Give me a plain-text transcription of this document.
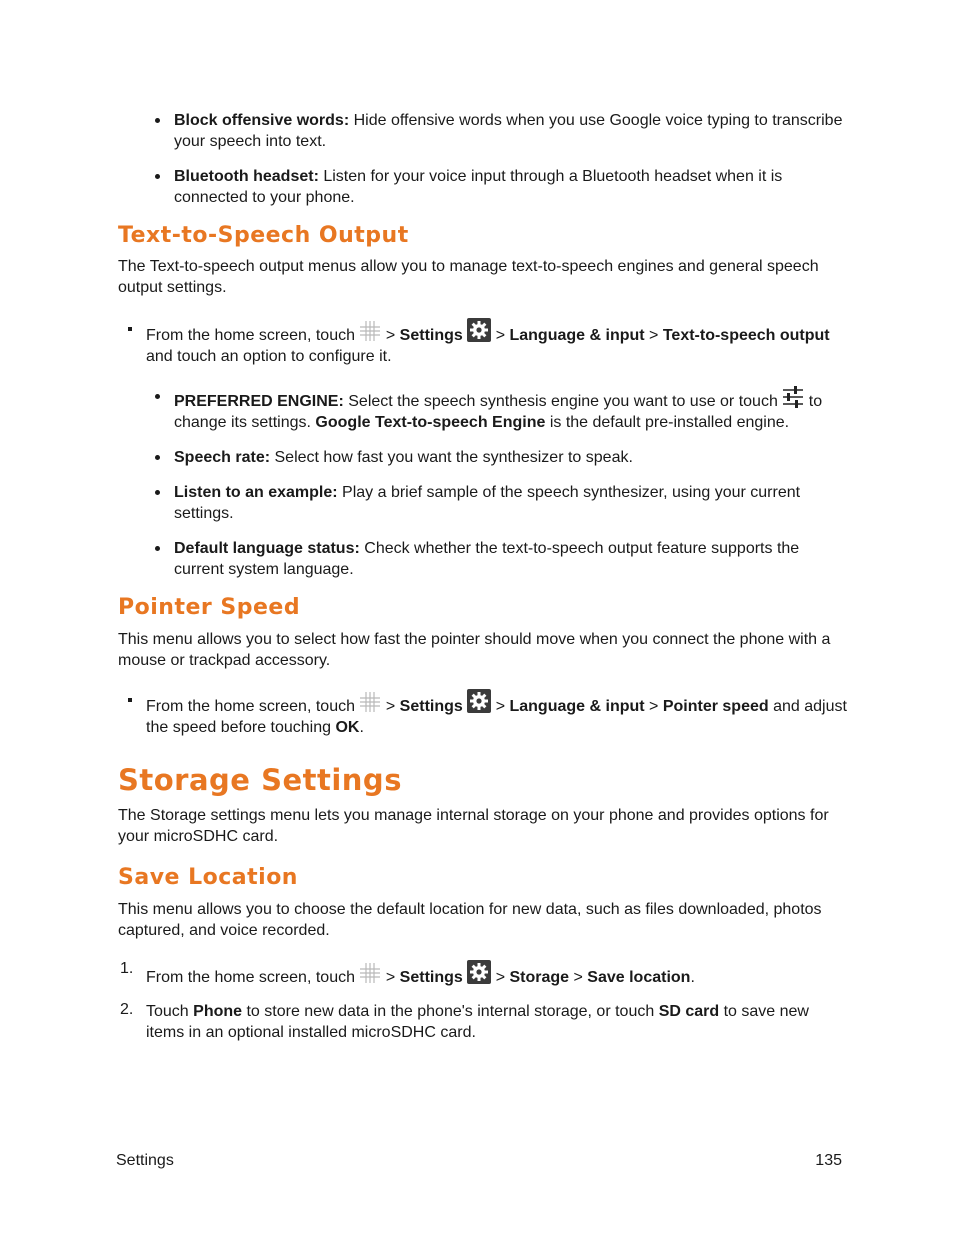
Block offensive words: Hide offensive words when you use Google voice typing to transcribe your speech into text.
Bluetooth headset: Listen for your voice input through a Bluetooth headset when it is connected to your phone.
Text-to-Speech Output

The Text-to-speech output menus allow you to manage text-to-speech engines and general speech output settings.

From the home screen, touch  > Settings  > Language & input > Text-to-speech output and touch an option to configure it.
PREFERRED ENGINE: Select the speech synthesis engine you want to use or touch  to change its settings. Google Text-to-speech Engine is the default pre-installed engine.
Speech rate: Select how fast you want the synthesizer to speak.
Listen to an example: Play a brief sample of the speech synthesizer, using your current settings.
Default language status: Check whether the text-to-speech output feature supports the current system language.
Pointer Speed

This menu allows you to select how fast the pointer should move when you connect the phone with a mouse or trackpad accessory.

From the home screen, touch  > Settings  > Language & input > Pointer speed and adjust the speed before touching OK.
Storage Settings

The Storage settings menu lets you manage internal storage on your phone and provides options for your microSDHC card.

Save Location

This menu allows you to choose the default location for new data, such as files downloaded, photos captured, and voice recorded.

1.
From the home screen, touch  > Settings  > Storage > Save location.
2. Touch Phone to store new data in the phone's internal storage, or touch SD card to save new items in an optional installed microSDHC card.
Settings	135
